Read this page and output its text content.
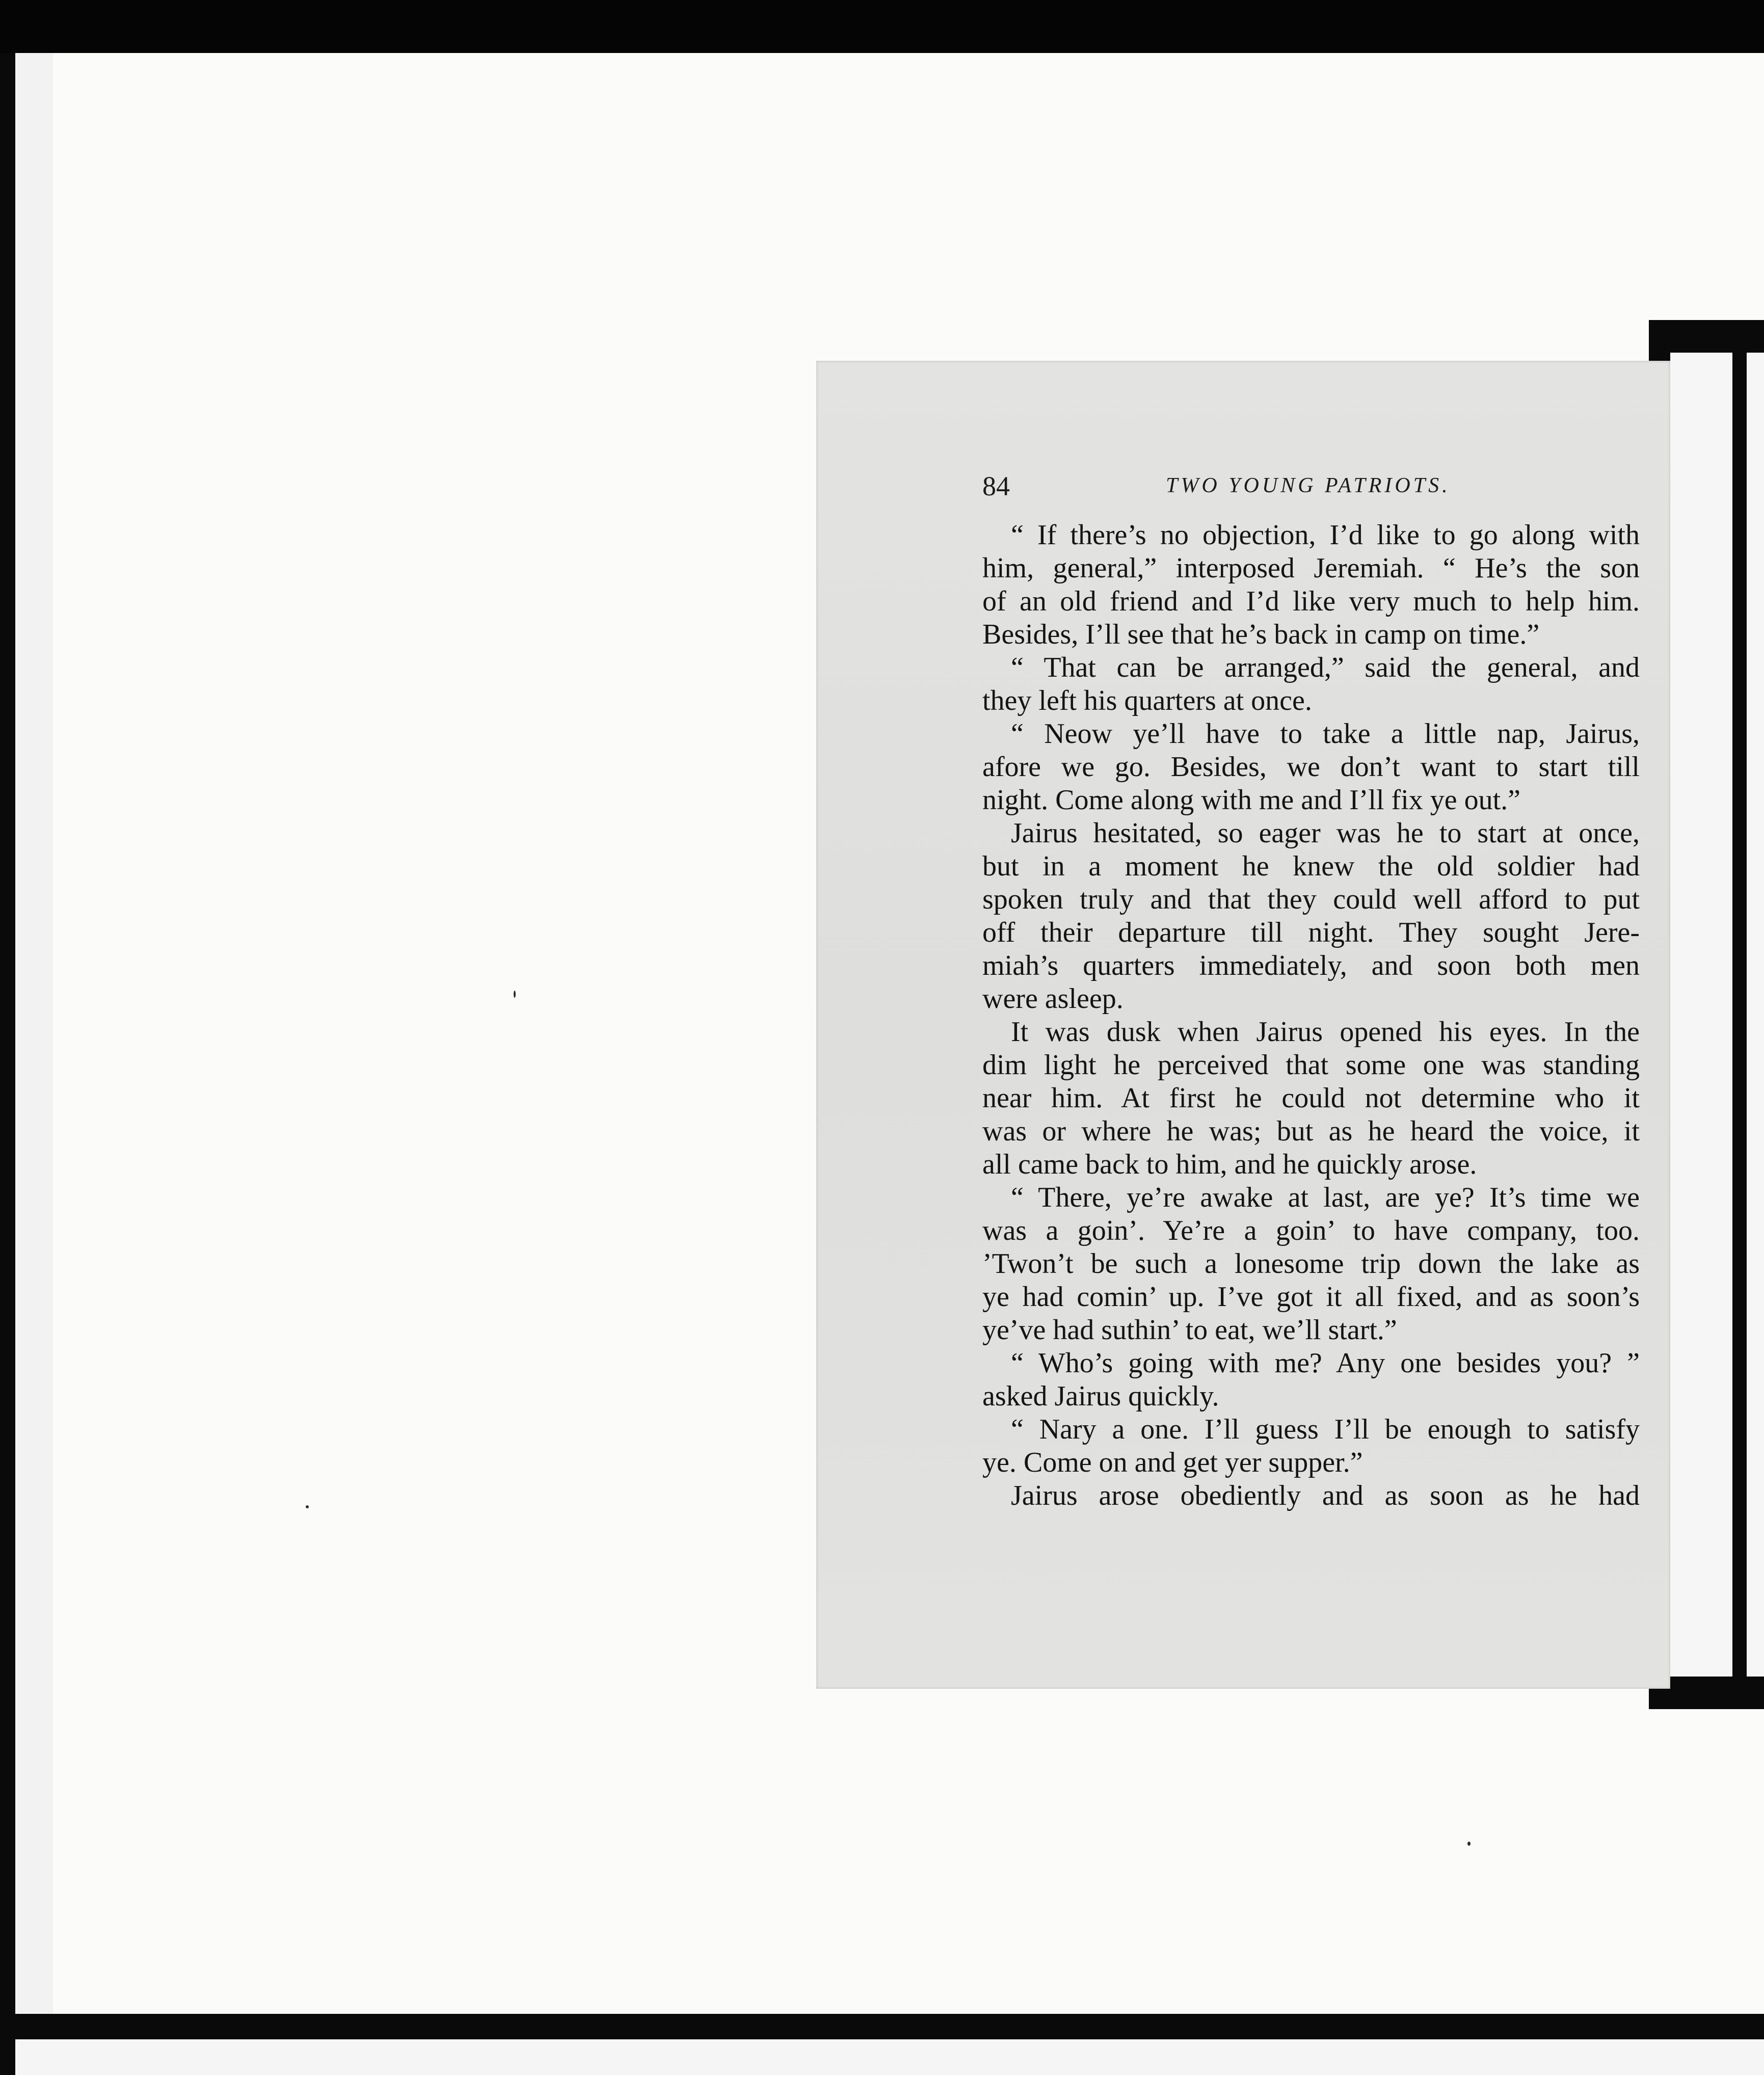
84	TWO YOUNG PATRIOTS.
“ If there’s no objection, I’d like to go along with
him, general,” interposed Jeremiah. “ He’s the son
of an old friend and I’d like very much to help him.
Besides, I’ll see that he’s back in camp on time.”
“ That can be arranged,” said the general, and
they left his quarters at once.
“ Neow ye’ll have to take a little nap, Jairus,
afore we go. Besides, we don’t want to start till
night. Come along with me and I’ll fix ye out.”
Jairus hesitated, so eager was he to start at once,
but in a moment he knew the old soldier had
spoken truly and that they could well afford to put
off their departure till night. They sought Jere-
miah’s quarters immediately, and soon both men
were asleep.
It was dusk when Jairus opened his eyes. In the
dim light he perceived that some one was standing
near him. At first he could not determine who it
was or where he was; but as he heard the voice, it
all came back to him, and he quickly arose.
“ There, ye’re awake at last, are ye? It’s time we
was a goin’. Ye’re a goin’ to have company, too.
’Twon’t be such a lonesome trip down the lake as
ye had comin’ up. I’ve got it all fixed, and as soon’s
ye’ve had suthin’ to eat, we’ll start.”
“ Who’s going with me? Any one besides you? ”
asked Jairus quickly.
“ Nary a one. I’ll guess I’ll be enough to satisfy
ye. Come on and get yer supper.”
Jairus arose obediently and as soon as he had
